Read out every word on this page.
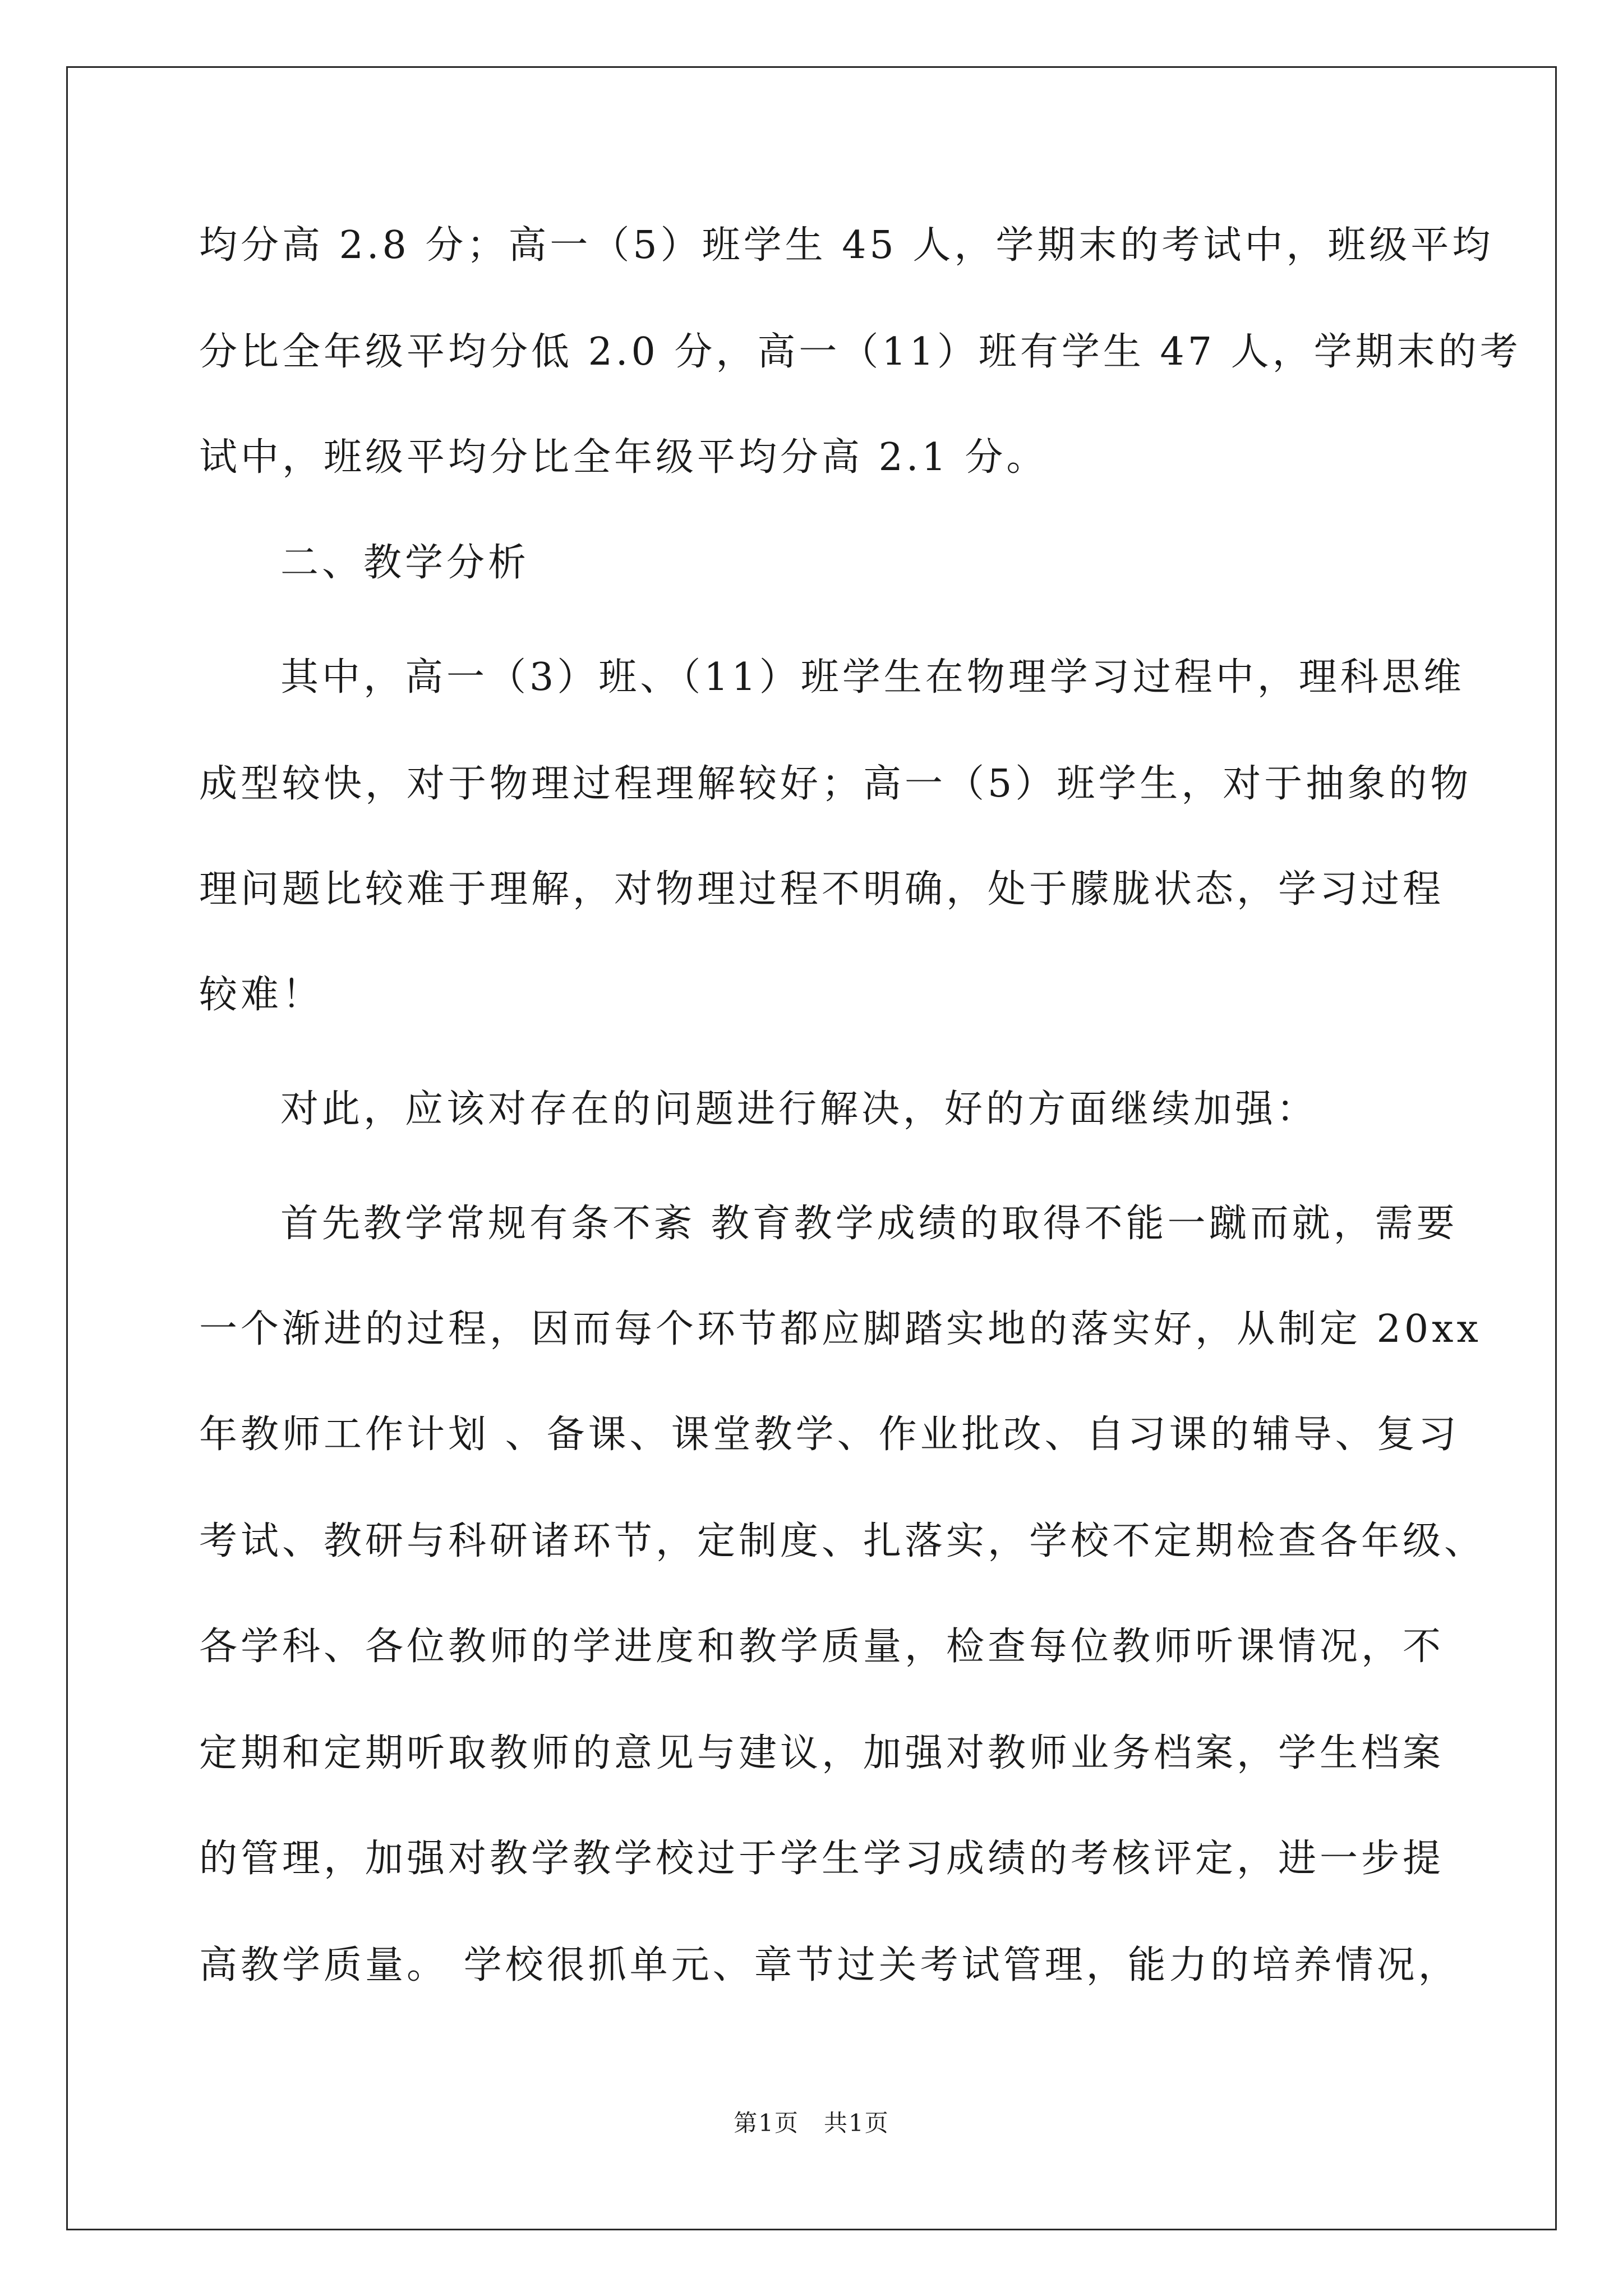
均分高 2.8 分；高一（5）班学生 45 人，学期末的考试中，班级平均
分比全年级平均分低 2.0 分，高一（11）班有学生 47 人，学期末的考
试中，班级平均分比全年级平均分高 2.1 分。
二、教学分析
其中，高一（3）班、（11）班学生在物理学习过程中，理科思维
成型较快，对于物理过程理解较好；高一（5）班学生，对于抽象的物
理问题比较难于理解，对物理过程不明确，处于朦胧状态，学习过程
较难！
对此，应该对存在的问题进行解决，好的方面继续加强：
首先教学常规有条不紊 教育教学成绩的取得不能一蹴而就，需要
一个渐进的过程，因而每个环节都应脚踏实地的落实好，从制定 20xx
年教师工作计划 、备课、课堂教学、作业批改、自习课的辅导、复习
考试、教研与科研诸环节，定制度、扎落实，学校不定期检查各年级、
各学科、各位教师的学进度和教学质量，检查每位教师听课情况，不
定期和定期听取教师的意见与建议，加强对教师业务档案，学生档案
的管理，加强对教学教学校过于学生学习成绩的考核评定，进一步提
高教学质量。 学校很抓单元、章节过关考试管理，能力的培养情况，
第1页　共1页
